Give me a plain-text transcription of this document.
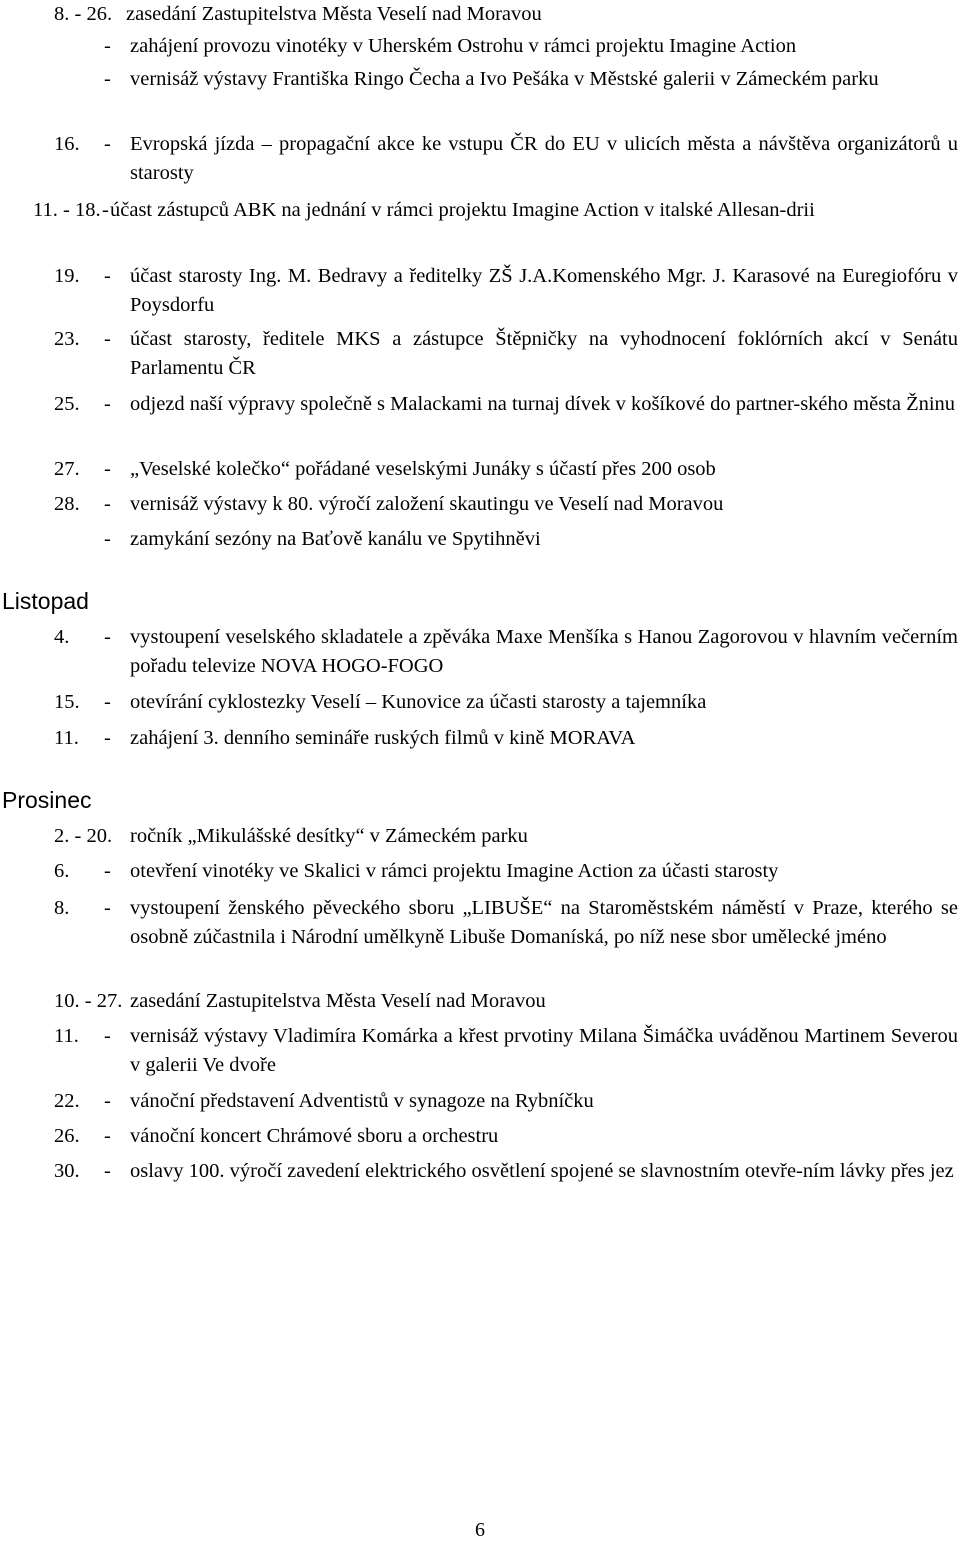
8. - 26. zasedání Zastupitelstva Města Veselí nad Moravou
- zahájení provozu vinotéky v Uherském Ostrohu v rámci projektu Imagine Action
- vernisáž výstavy Františka Ringo Čecha a Ivo Pešáka v Městské galerii v Zámeckém parku
16.	- Evropská jízda – propagační akce ke vstupu ČR do EU v ulicích města a návštěva organizátorů u starosty
11. - 18. - účast zástupců ABK na jednání v rámci projektu Imagine Action v italské Allesan-drii
19.	- účast starosty Ing. M. Bedravy a ředitelky ZŠ J.A.Komenského Mgr. J. Karasové na Euregiofóru v Poysdorfu
23.	- účast starosty, ředitele MKS a zástupce Štěpničky na vyhodnocení foklórních akcí v Senátu Parlamentu ČR
25.	- odjezd naší výpravy společně s Malackami na turnaj dívek v košíkové do partner-ského města Žninu
27.	- „Veselské kolečko“ pořádané veselskými Junáky s účastí přes 200 osob
28.	- vernisáž výstavy k 80. výročí založení skautingu ve Veselí nad Moravou
- zamykání sezóny na Baťově kanálu ve Spytihněvi
Listopad
4.	- vystoupení veselského skladatele a zpěváka Maxe Menšíka s Hanou Zagorovou v hlavním večerním pořadu televize NOVA HOGO-FOGO
15.	- otevírání cyklostezky Veselí – Kunovice za účasti starosty a tajemníka
11.	- zahájení 3. denního semináře ruských filmů v kině MORAVA
Prosinec
2. - 20. ročník „Mikulášské desítky“ v Zámeckém parku
6.	- otevření vinotéky ve Skalici v rámci projektu Imagine Action za účasti starosty
8.	- vystoupení ženského pěveckého sboru „LIBUŠE“ na Staroměstském náměstí v Praze, kterého se osobně zúčastnila i Národní umělkyně Libuše Domaníská, po níž nese sbor umělecké jméno
10. - 27. zasedání Zastupitelstva Města Veselí nad Moravou
11.	- vernisáž výstavy Vladimíra Komárka a křest prvotiny Milana Šimáčka uváděnou Martinem Severou v galerii Ve dvoře
22.	- vánoční představení Adventistů v synagoze na Rybníčku
26.	- vánoční koncert Chrámové sboru a orchestru
30.	- oslavy 100. výročí zavedení elektrického osvětlení spojené se slavnostním otevře-ním lávky přes jez
6
